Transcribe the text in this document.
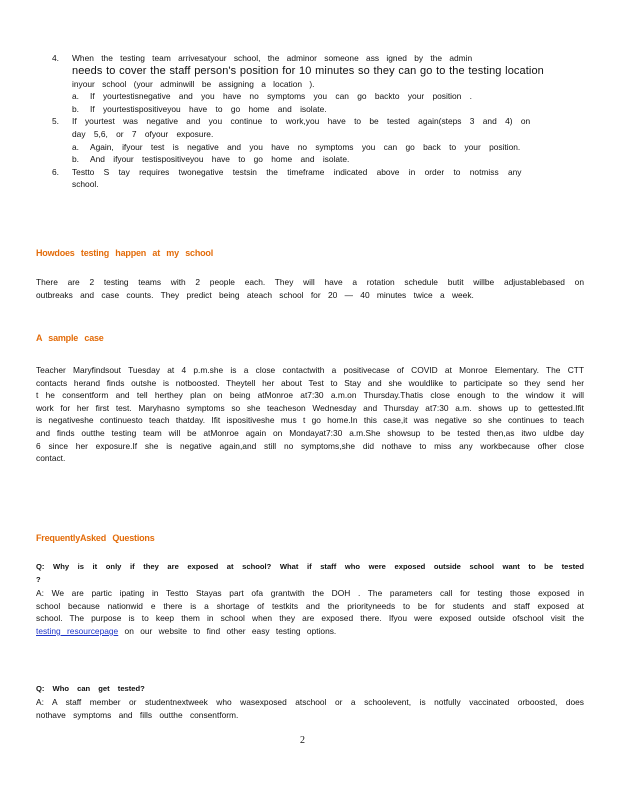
4. When the testing team arrivesatyour school, the adminor someone ass igned by the admin
needs to cover the staff person's position for 10 minutes so they can go to the testing location
inyour school (your adminwill be assigning a location ).
a. If yourtestisnegative and you have no symptoms you can go backto your position .
b. If yourtestispositiveyou have to go home and isolate.
5. If yourtest was negative and you continue to work,you have to be tested again(steps 3 and 4) on day 5,6, or 7 ofyour exposure.
a. Again, ifyour test is negative and you have no symptoms you can go back to your position.
b. And ifyour testispositiveyou have to go home and isolate.
6. Testto S tay requires twonegative testsin the timeframe indicated above in order to notmiss any school.
Howdoes testing happen at my school
There are 2 testing teams with 2 people each. They will have a rotation schedule butit willbe adjustablebased on outbreaks and case counts. They predict being ateach school for 20 — 40 minutes twice a week.
A sample case
Teacher Maryfindsout Tuesday at 4 p.m.she is a close contactwith a positivecase of COVID at Monroe Elementary. The CTT contacts herand finds outshe is notboosted. Theytell her about Test to Stay and she wouldlike to participate so they send her t he consentform and tell herthey plan on being atMonroe at7:30 a.m.on Thursday.Thatis close enough to the window it will work for her first test. Maryhasno symptoms so she teacheson Wednesday and Thursday at7:30 a.m. shows up to gettested.Ifit is negativeshe continuesto teach thatday. Ifit ispositiveshe mus t go home.In this case,it was negative so she continues to teach and finds outthe testing team will be atMonroe again on Mondayat7:30 a.m.She showsup to be tested then,as itwo uldbe day 6 since her exposure.If she is negative again,and still no symptoms,she did nothave to miss any workbecause ofher close contact.
FrequentlyAsked Questions
Q: Why is it only if they are exposed at school? What if staff who were exposed outside school want to be tested ?
A: We are partic ipating in Testto Stayas part ofa grantwith the DOH . The parameters call for testing those exposed in school because nationwid e there is a shortage of testkits and the priorityneeds to be for students and staff exposed at school. The purpose is to keep them in school when they are exposed there. Ifyou were exposed outside ofschool visit the testing resourcepage on our website to find other easy testing options.
Q: Who can get tested?
A: A staff member or studentnextweek who wasexposed atschool or a schoolevent, is notfully vaccinated orboosted, does nothave symptoms and fills outthe consentform.
2
